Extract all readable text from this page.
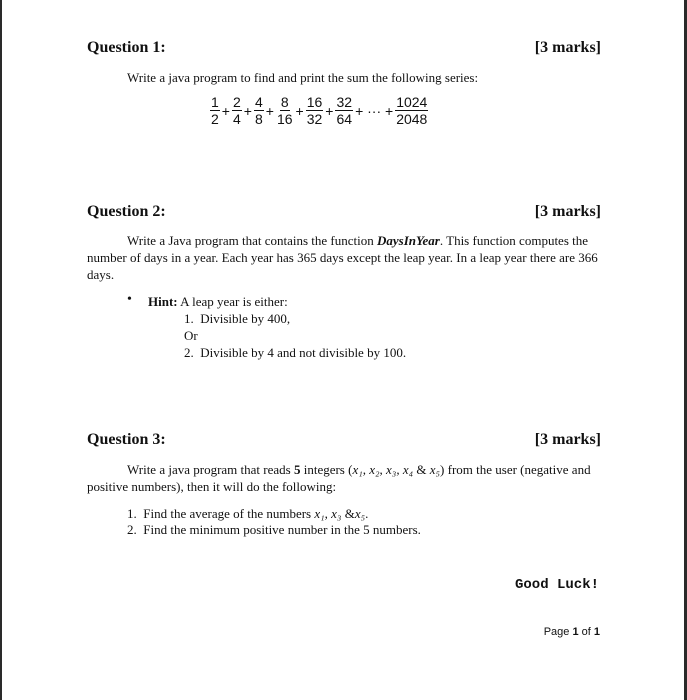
Question 1:	[3 marks]
Write a java program to find and print the sum the following series:
$\frac{1}{2} + \frac{2}{4} + \frac{4}{8} + \frac{8}{16} + \frac{16}{32} + \frac{32}{64}$ + ··· + $\frac{1024}{2048}$
Question 2:	[3 marks]
Write a Java program that contains the function DaysInYear. This function computes the number of days in a year. Each year has 365 days except the leap year. In a leap year there are 366 days.
• Hint: A leap year is either:
1. Divisible by 400,
Or
2. Divisible by 4 and not divisible by 100.
Question 3:	[3 marks]
Write a java program that reads 5 integers (x₁, x₂, x₃, x₄ & x₅) from the user (negative and positive numbers), then it will do the following:
1. Find the average of the numbers x₁, x₃ &x₅.
2. Find the minimum positive number in the 5 numbers.
Good Luck!
Page 1 of 1
